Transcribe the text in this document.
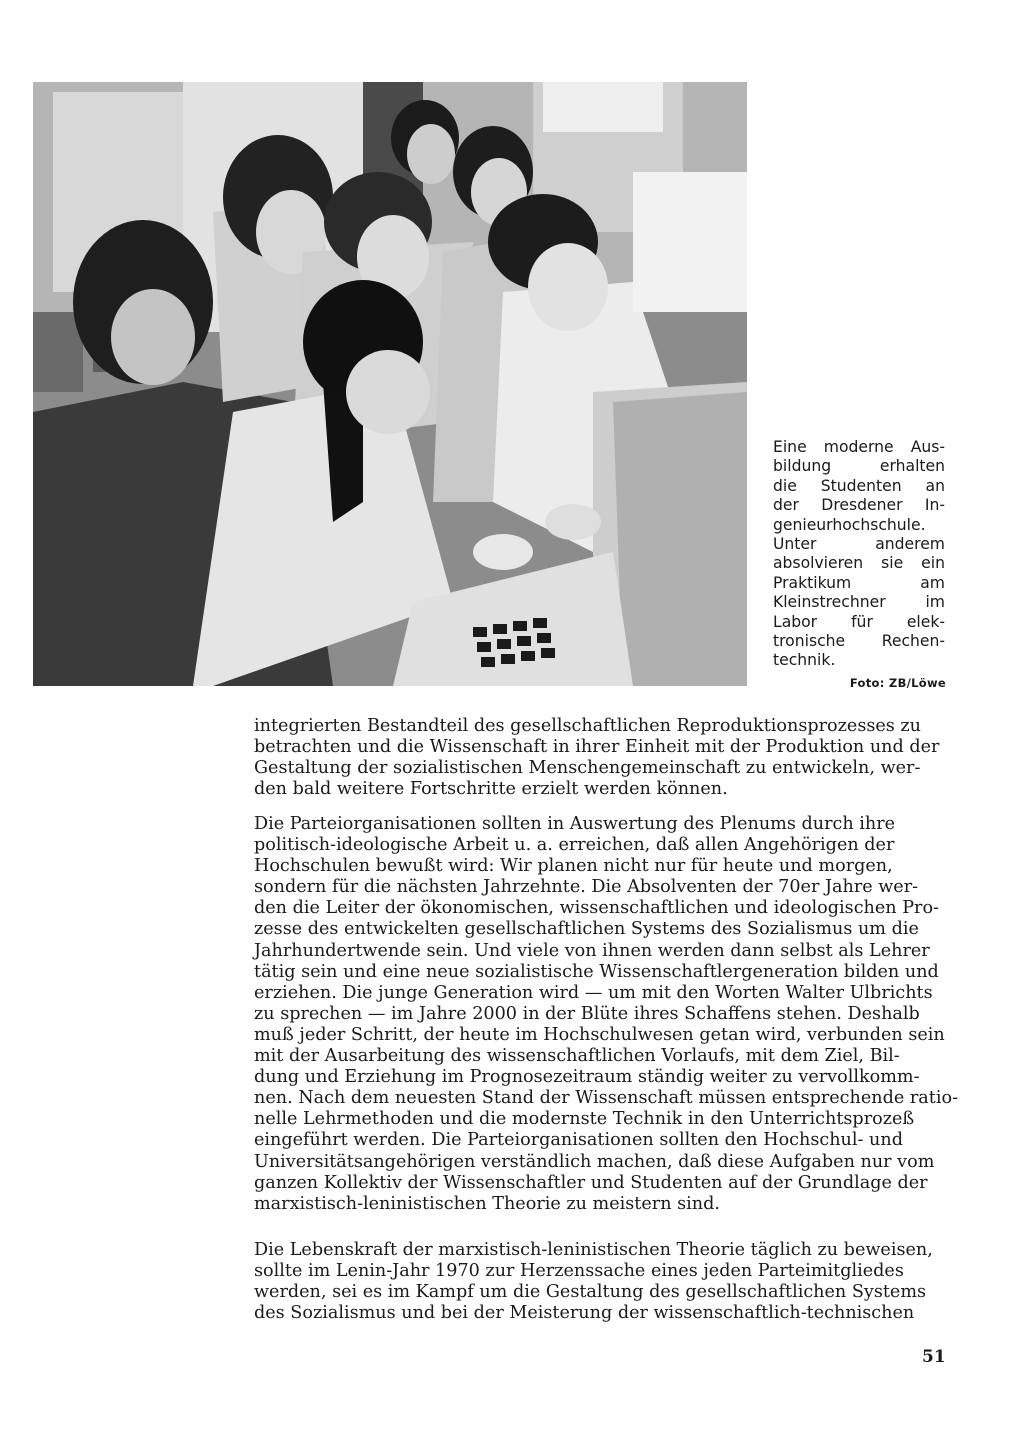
Eine moderne Aus-
bildung erhalten
die Studenten an
der Dresdener In-
genieurhochschule.
Unter anderem
absolvieren sie ein
Praktikum am
Kleinstrechner im
Labor für elek-
tronische Rechen-
technik.
Foto: ZB/Löwe
integrierten Bestandteil des gesellschaftlichen Reproduktionsprozesses zu
betrachten und die Wissenschaft in ihrer Einheit mit der Produktion und der
Gestaltung der sozialistischen Menschengemeinschaft zu entwickeln, wer-
den bald weitere Fortschritte erzielt werden können.
Die Parteiorganisationen sollten in Auswertung des Plenums durch ihre
politisch-ideologische Arbeit u. a. erreichen, daß allen Angehörigen der
Hochschulen bewußt wird: Wir planen nicht nur für heute und morgen,
sondern für die nächsten Jahrzehnte. Die Absolventen der 70er Jahre wer-
den die Leiter der ökonomischen, wissenschaftlichen und ideologischen Pro-
zesse des entwickelten gesellschaftlichen Systems des Sozialismus um die
Jahrhundertwende sein. Und viele von ihnen werden dann selbst als Lehrer
tätig sein und eine neue sozialistische Wissenschaftlergeneration bilden und
erziehen. Die junge Generation wird — um mit den Worten Walter Ulbrichts
zu sprechen — im Jahre 2000 in der Blüte ihres Schaffens stehen. Deshalb
muß jeder Schritt, der heute im Hochschulwesen getan wird, verbunden sein
mit der Ausarbeitung des wissenschaftlichen Vorlaufs, mit dem Ziel, Bil-
dung und Erziehung im Prognosezeitraum ständig weiter zu vervollkomm-
nen. Nach dem neuesten Stand der Wissenschaft müssen entsprechende ratio-
nelle Lehrmethoden und die modernste Technik in den Unterrichtsprozeß
eingeführt werden. Die Parteiorganisationen sollten den Hochschul- und
Universitätsangehörigen verständlich machen, daß diese Aufgaben nur vom
ganzen Kollektiv der Wissenschaftler und Studenten auf der Grundlage der
marxistisch-leninistischen Theorie zu meistern sind.
Die Lebenskraft der marxistisch-leninistischen Theorie täglich zu beweisen,
sollte im Lenin-Jahr 1970 zur Herzenssache eines jeden Parteimitgliedes
werden, sei es im Kampf um die Gestaltung des gesellschaftlichen Systems
des Sozialismus und bei der Meisterung der wissenschaftlich-technischen
51
